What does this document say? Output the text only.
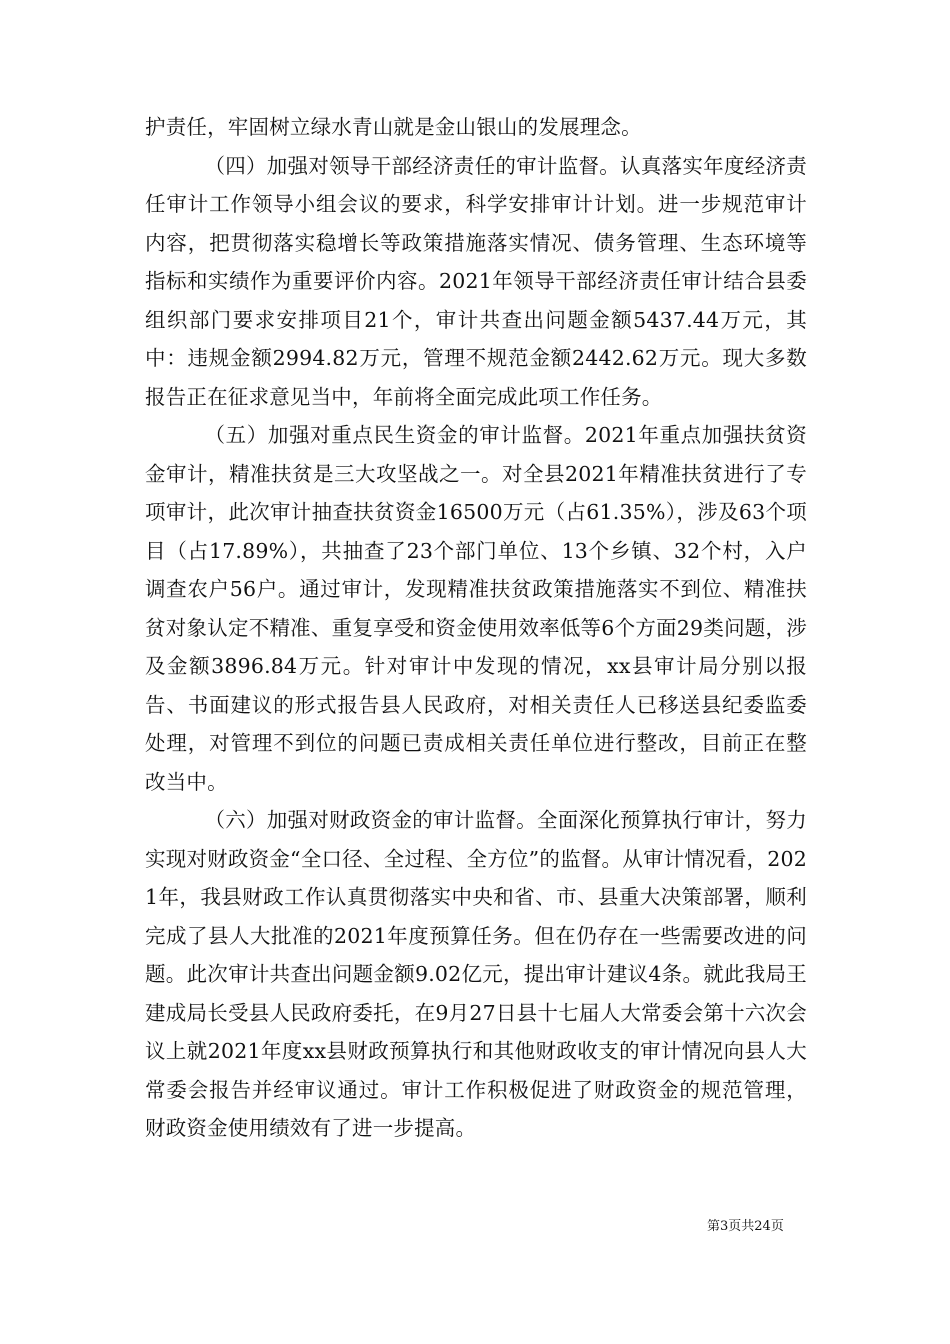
护责任，牢固树立绿水青山就是金山银山的发展理念。

（四）加强对领导干部经济责任的审计监督。认真落实年度经济责任审计工作领导小组会议的要求，科学安排审计计划。进一步规范审计内容，把贯彻落实稳增长等政策措施落实情况、债务管理、生态环境等指标和实绩作为重要评价内容。2021年领导干部经济责任审计结合县委组织部门要求安排项目21个，审计共查出问题金额5437.44万元，其中：违规金额2994.82万元，管理不规范金额2442.62万元。现大多数报告正在征求意见当中，年前将全面完成此项工作任务。

（五）加强对重点民生资金的审计监督。2021年重点加强扶贫资金审计，精准扶贫是三大攻坚战之一。对全县2021年精准扶贫进行了专项审计，此次审计抽查扶贫资金16500万元（占61.35%），涉及63个项目（占17.89%），共抽查了23个部门单位、13个乡镇、32个村，入户调查农户56户。通过审计，发现精准扶贫政策措施落实不到位、精准扶贫对象认定不精准、重复享受和资金使用效率低等6个方面29类问题，涉及金额3896.84万元。针对审计中发现的情况，xx县审计局分别以报告、书面建议的形式报告县人民政府，对相关责任人已移送县纪委监委处理，对管理不到位的问题已责成相关责任单位进行整改，目前正在整改当中。

（六）加强对财政资金的审计监督。全面深化预算执行审计，努力实现对财政资金“全口径、全过程、全方位”的监督。从审计情况看，2021年，我县财政工作认真贯彻落实中央和省、市、县重大决策部署，顺利完成了县人大批准的2021年度预算任务。但在仍存在一些需要改进的问题。此次审计共查出问题金额9.02亿元，提出审计建议4条。就此我局王建成局长受县人民政府委托，在9月27日县十七届人大常委会第十六次会议上就2021年度xx县财政预算执行和其他财政收支的审计情况向县人大常委会报告并经审议通过。审计工作积极促进了财政资金的规范管理，财政资金使用绩效有了进一步提高。

第3页共24页
